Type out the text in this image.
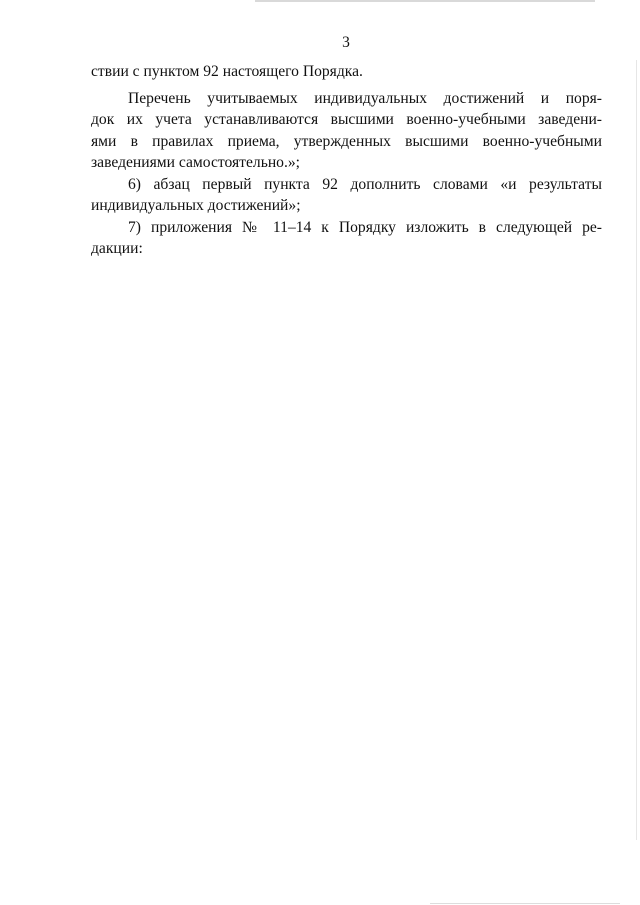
3
ствии с пунктом 92 настоящего Порядка.
Перечень учитываемых индивидуальных достижений и поря-
док их учета устанавливаются высшими военно-учебными заведени-
ями в правилах приема, утвержденных высшими военно-учебными
заведениями самостоятельно.»;
6) абзац первый пункта 92 дополнить словами «и результаты
индивидуальных достижений»;
7) приложения № 11–14 к Порядку изложить в следующей ре-
дакции:
